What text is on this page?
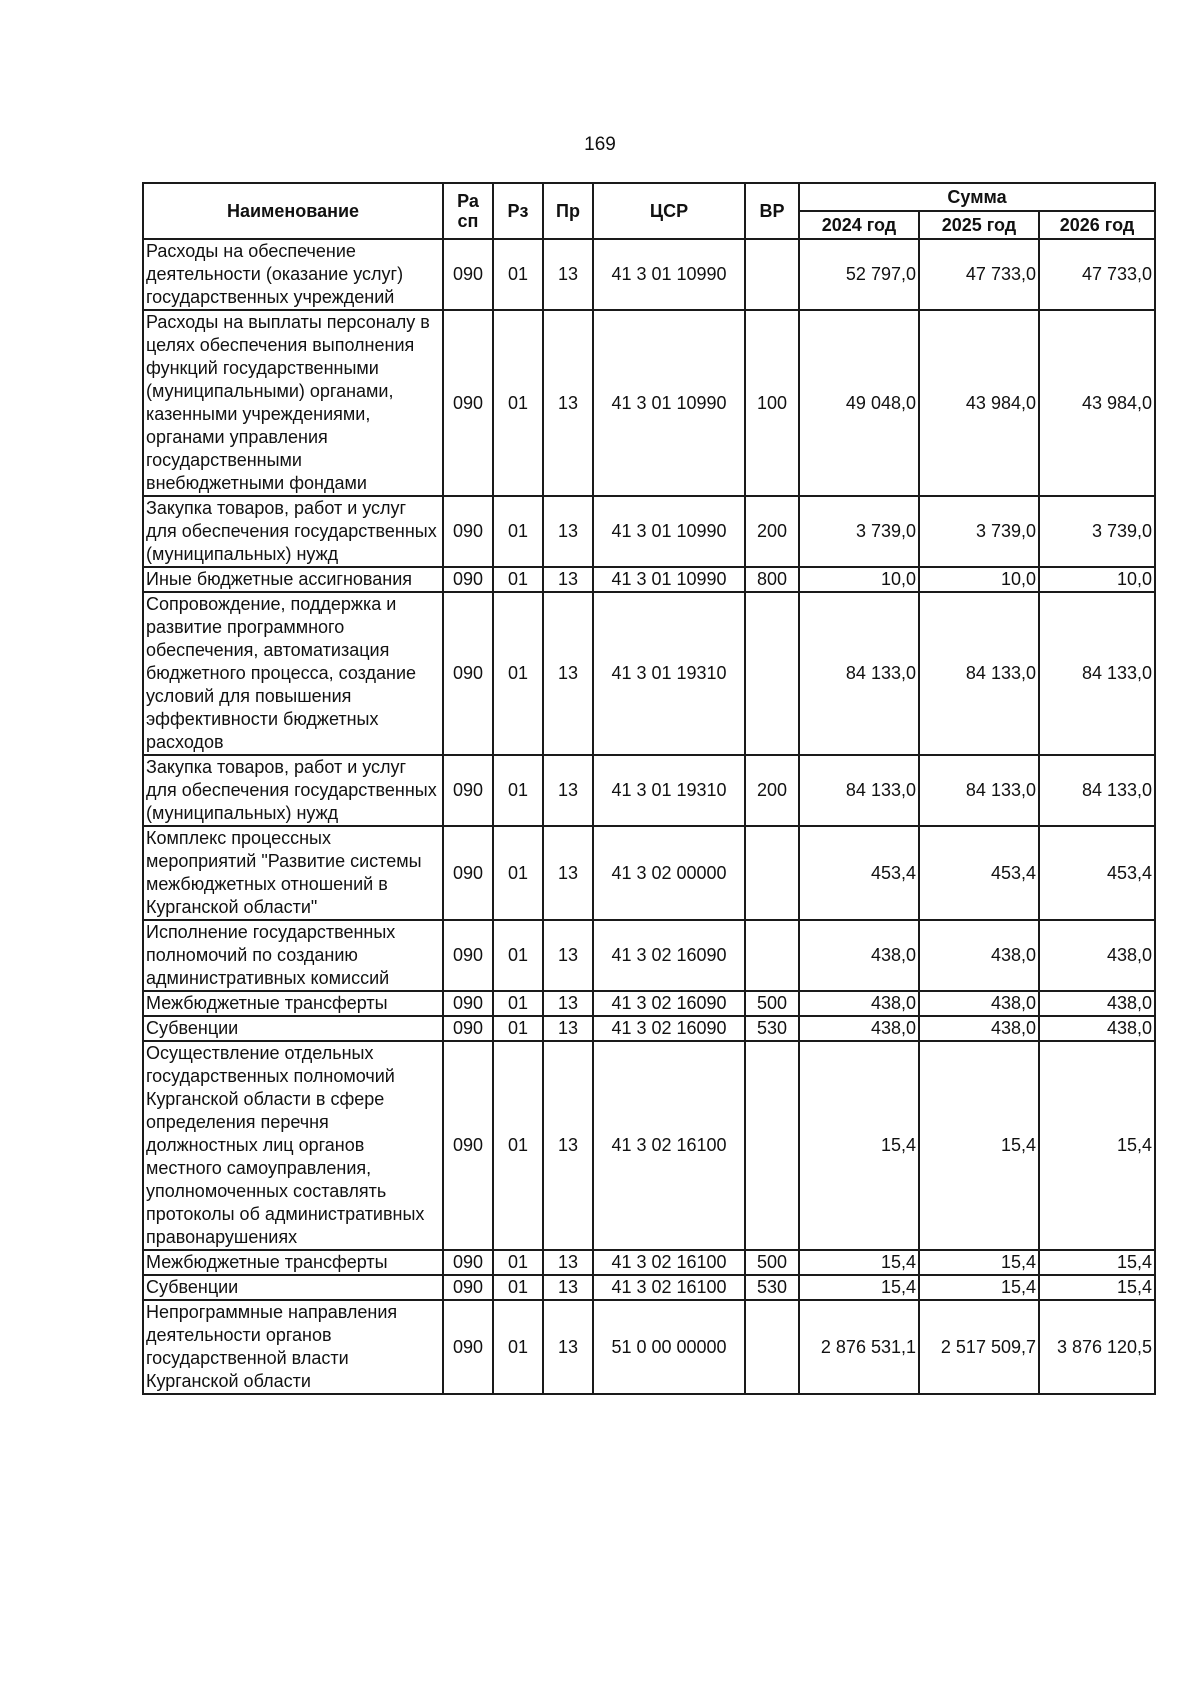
169
Наименование	Ра сп	Рз	Пр	ЦСР	ВР	Сумма		
						2024 год	2025 год	2026 год
Расходы на обеспечение деятельности (оказание услуг) государственных учреждений	090	01	13	41 3 01 10990		52 797,0	47 733,0	47 733,0
Расходы на выплаты персоналу в целях обеспечения выполнения функций государственными (муниципальными) органами, казенными учреждениями, органами управления государственными внебюджетными фондами	090	01	13	41 3 01 10990	100	49 048,0	43 984,0	43 984,0
Закупка товаров, работ и услуг для обеспечения государственных (муниципальных) нужд	090	01	13	41 3 01 10990	200	3 739,0	3 739,0	3 739,0
Иные бюджетные ассигнования	090	01	13	41 3 01 10990	800	10,0	10,0	10,0
Сопровождение, поддержка и развитие программного обеспечения, автоматизация бюджетного процесса, создание условий для повышения эффективности бюджетных расходов	090	01	13	41 3 01 19310		84 133,0	84 133,0	84 133,0
Закупка товаров, работ и услуг для обеспечения государственных (муниципальных) нужд	090	01	13	41 3 01 19310	200	84 133,0	84 133,0	84 133,0
Комплекс процессных мероприятий "Развитие системы межбюджетных отношений в Курганской области"	090	01	13	41 3 02 00000		453,4	453,4	453,4
Исполнение государственных полномочий по созданию административных комиссий	090	01	13	41 3 02 16090		438,0	438,0	438,0
Межбюджетные трансферты	090	01	13	41 3 02 16090	500	438,0	438,0	438,0
Субвенции	090	01	13	41 3 02 16090	530	438,0	438,0	438,0
Осуществление отдельных государственных полномочий Курганской области в сфере определения перечня должностных лиц органов местного самоуправления, уполномоченных составлять протоколы об административных правонарушениях	090	01	13	41 3 02 16100		15,4	15,4	15,4
Межбюджетные трансферты	090	01	13	41 3 02 16100	500	15,4	15,4	15,4
Субвенции	090	01	13	41 3 02 16100	530	15,4	15,4	15,4
Непрограммные направления деятельности органов государственной власти Курганской области	090	01	13	51 0 00 00000		2 876 531,1	2 517 509,7	3 876 120,5
